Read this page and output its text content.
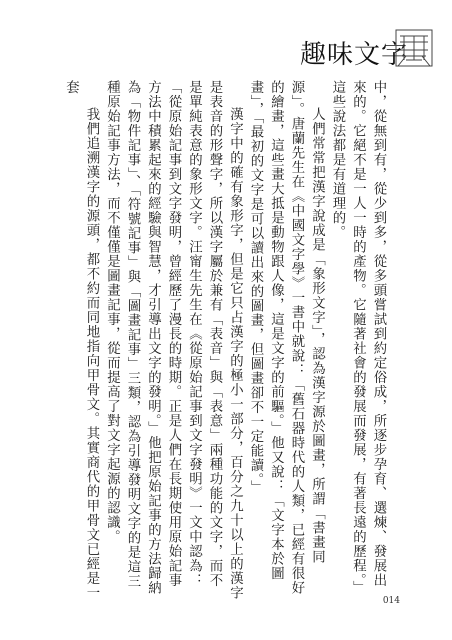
趣味文字

中，從無到有，從少到多，從多頭嘗試到約定俗成，所逐步孕育、選煉、發展出來的。它絕不是一人一時的產物。它隨著社會的發展而發展，有著長遠的歷程。」這些說法都是有道理的。

人們常常把漢字說成是「象形文字」，認為漢字源於圖畫，所謂「書畫同源」。唐蘭先生在《中國文字學》一書中就說：「舊石器時代的人類，已經有很好的繪畫，這些畫大抵是動物跟人像，這是文字的前驅。」他又說：「文字本於圖畫」，「最初的文字是可以讀出來的圖畫，但圖畫卻不一定能讀。」

漢字中的確有象形字，但是它只占漢字的極小一部分，百分之九十以上的漢字是表音的形聲字，所以漢字屬於兼有「表音」與「表意」兩種功能的文字，而不是單純表意的象形文字。汪甯生先生在《從原始記事到文字發明》一文中認為：「從原始記事到文字發明，曾經歷了漫長的時期。正是人們在長期使用原始記事方法中積累起來的經驗與智慧，才引導出文字的發明。」他把原始記事的方法歸納為「物件記事」、「符號記事」與「圖畫記事」三類，認為引導發明文字的是這三種原始記事方法，而不僅僅是圖畫記事，從而提高了對文字起源的認識。

我們追溯漢字的源頭，都不約而同地指向甲骨文。其實商代的甲骨文已經是一套

014
